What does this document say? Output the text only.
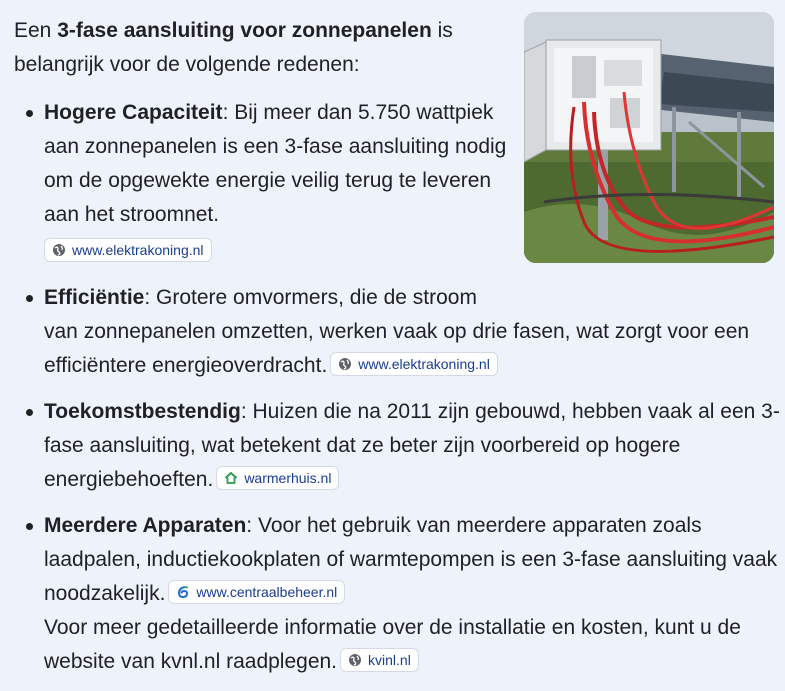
Een 3-fase aansluiting voor zonnepanelen is belangrijk voor de volgende redenen:
Hogere Capaciteit: Bij meer dan 5.750 wattpiek aan zonnepanelen is een 3-fase aansluiting nodig om de opgewekte energie veilig terug te leveren aan het stroomnet.
www.elektrakoning.nl
Efficiëntie: Grotere omvormers, die de stroom
van zonnepanelen omzetten, werken vaak op drie fasen, wat zorgt voor een efficiëntere energieoverdracht. www.elektrakoning.nl
Toekomstbestendig: Huizen die na 2011 zijn gebouwd, hebben vaak al een 3-fase aansluiting, wat betekent dat ze beter zijn voorbereid op hogere energiebehoeften. warmerhuis.nl
Meerdere Apparaten: Voor het gebruik van meerdere apparaten zoals laadpalen, inductiekookplaten of warmtepompen is een 3-fase aansluiting vaak noodzakelijk. www.centraalbeheer.nl

Voor meer gedetailleerde informatie over de installatie en kosten, kunt u de website van kvnl.nl raadplegen. kvinl.nl
